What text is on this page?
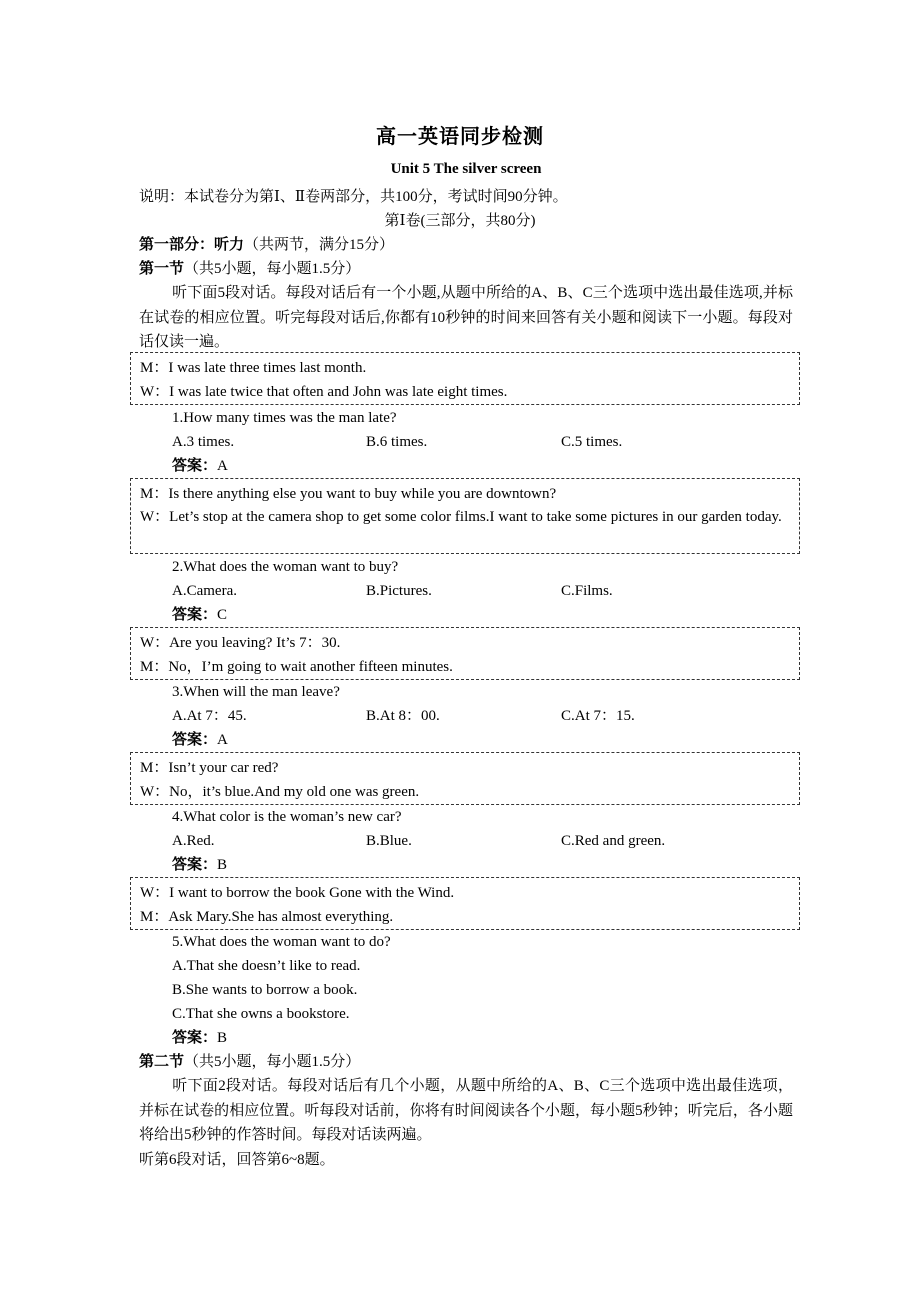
高一英语同步检测
Unit 5 The silver screen
说明：本试卷分为第Ⅰ、Ⅱ卷两部分，共100分，考试时间90分钟。
第Ⅰ卷(三部分，共80分)
第一部分：听力（共两节，满分15分）
第一节（共5小题，每小题1.5分）
听下面5段对话。每段对话后有一个小题,从题中所给的A、B、C三个选项中选出最佳选项,并标在试卷的相应位置。听完每段对话后,你都有10秒钟的时间来回答有关小题和阅读下一小题。每段对话仅读一遍。
M：I was late three times last month.
W：I was late twice that often and John was late eight times.
1.How many times was the man late?
A.3 times.	B.6 times.	C.5 times.
答案：A
M：Is there anything else you want to buy while you are downtown?
W：Let’s stop at the camera shop to get some color films.I want to take some pictures in our garden today.
2.What does the woman want to buy?
A.Camera.	B.Pictures.	C.Films.
答案：C
W：Are you leaving? It’s 7：30.
M：No，I’m going to wait another fifteen minutes.
3.When will the man leave?
A.At 7：45.	B.At 8：00.	C.At 7：15.
答案：A
M：Isn’t your car red?
W：No，it’s blue.And my old one was green.
4.What color is the woman’s new car?
A.Red.	B.Blue.	C.Red and green.
答案：B
W：I want to borrow the book Gone with the Wind.
M：Ask Mary.She has almost everything.
5.What does the woman want to do?
A.That she doesn’t like to read.
B.She wants to borrow a book.
C.That she owns a bookstore.
答案：B
第二节（共5小题，每小题1.5分）
听下面2段对话。每段对话后有几个小题，从题中所给的A、B、C三个选项中选出最佳选项，并标在试卷的相应位置。听每段对话前，你将有时间阅读各个小题，每小题5秒钟；听完后，各小题将给出5秒钟的作答时间。每段对话读两遍。
听第6段对话，回答第6~8题。
